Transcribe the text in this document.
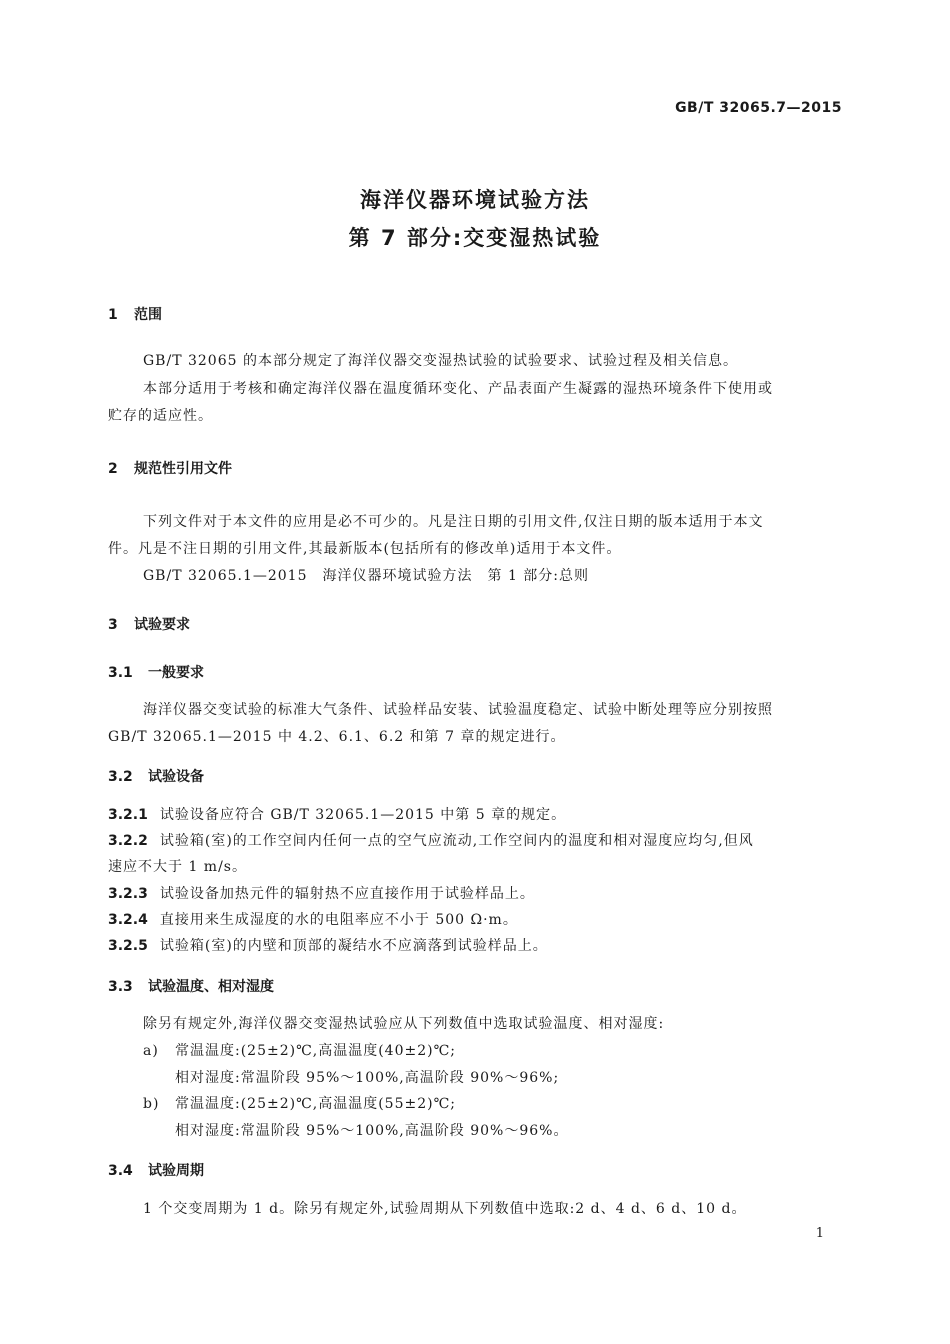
GB/T 32065.7—2015
海洋仪器环境试验方法
第 7 部分:交变湿热试验
1 范围
GB/T 32065 的本部分规定了海洋仪器交变湿热试验的试验要求、试验过程及相关信息。
本部分适用于考核和确定海洋仪器在温度循环变化、产品表面产生凝露的湿热环境条件下使用或
贮存的适应性。
2 规范性引用文件
下列文件对于本文件的应用是必不可少的。凡是注日期的引用文件,仅注日期的版本适用于本文
件。凡是不注日期的引用文件,其最新版本(包括所有的修改单)适用于本文件。
GB/T 32065.1—2015　海洋仪器环境试验方法　第 1 部分:总则
3 试验要求
3.1 一般要求
海洋仪器交变试验的标准大气条件、试验样品安装、试验温度稳定、试验中断处理等应分别按照
GB/T 32065.1—2015 中 4.2、6.1、6.2 和第 7 章的规定进行。
3.2 试验设备
3.2.1 试验设备应符合 GB/T 32065.1—2015 中第 5 章的规定。
3.2.2 试验箱(室)的工作空间内任何一点的空气应流动,工作空间内的温度和相对湿度应均匀,但风
速应不大于 1 m/s。
3.2.3 试验设备加热元件的辐射热不应直接作用于试验样品上。
3.2.4 直接用来生成湿度的水的电阻率应不小于 500 Ω·m。
3.2.5 试验箱(室)的内壁和顶部的凝结水不应滴落到试验样品上。
3.3 试验温度、相对湿度
除另有规定外,海洋仪器交变湿热试验应从下列数值中选取试验温度、相对湿度:
a) 常温温度:(25±2)℃,高温温度(40±2)℃;
相对湿度:常温阶段 95%～100%,高温阶段 90%～96%;
b) 常温温度:(25±2)℃,高温温度(55±2)℃;
相对湿度:常温阶段 95%～100%,高温阶段 90%～96%。
3.4 试验周期
1 个交变周期为 1 d。除另有规定外,试验周期从下列数值中选取:2 d、4 d、6 d、10 d。
1
